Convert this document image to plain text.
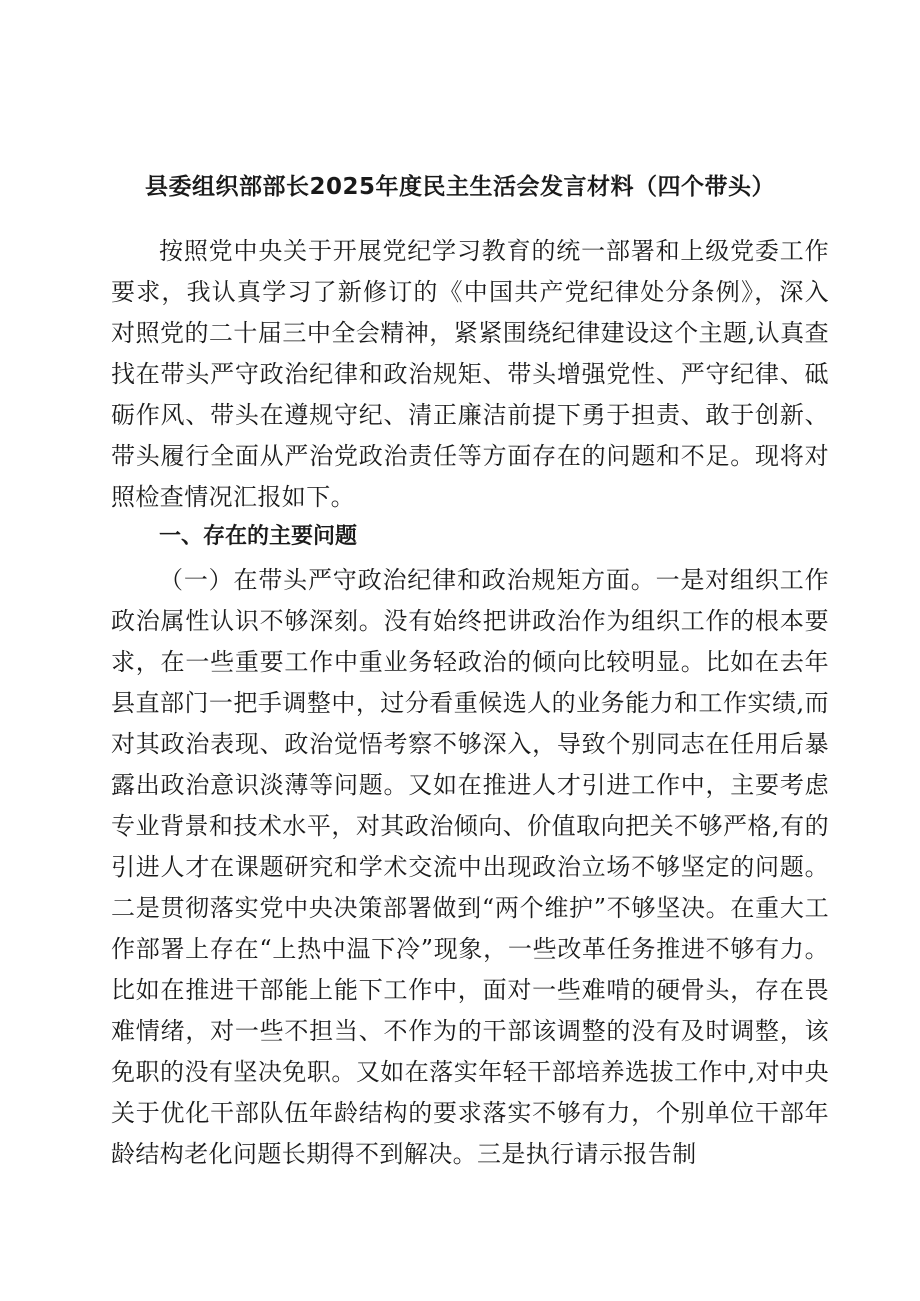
县委组织部部长2025年度民主生活会发言材料（四个带头）

按照党中央关于开展党纪学习教育的统一部署和上级党委工作要求，我认真学习了新修订的《中国共产党纪律处分条例》，深入对照党的二十届三中全会精神，紧紧围绕纪律建设这个主题,认真查找在带头严守政治纪律和政治规矩、带头增强党性、严守纪律、砥砺作风、带头在遵规守纪、清正廉洁前提下勇于担责、敢于创新、带头履行全面从严治党政治责任等方面存在的问题和不足。现将对照检查情况汇报如下。

一、存在的主要问题

（一）在带头严守政治纪律和政治规矩方面。一是对组织工作政治属性认识不够深刻。没有始终把讲政治作为组织工作的根本要求，在一些重要工作中重业务轻政治的倾向比较明显。比如在去年县直部门一把手调整中，过分看重候选人的业务能力和工作实绩,而对其政治表现、政治觉悟考察不够深入，导致个别同志在任用后暴露出政治意识淡薄等问题。又如在推进人才引进工作中，主要考虑专业背景和技术水平，对其政治倾向、价值取向把关不够严格,有的引进人才在课题研究和学术交流中出现政治立场不够坚定的问题。二是贯彻落实党中央决策部署做到“两个维护”不够坚决。在重大工作部署上存在“上热中温下冷”现象，一些改革任务推进不够有力。比如在推进干部能上能下工作中，面对一些难啃的硬骨头，存在畏难情绪，对一些不担当、不作为的干部该调整的没有及时调整，该免职的没有坚决免职。又如在落实年轻干部培养选拔工作中,对中央关于优化干部队伍年龄结构的要求落实不够有力，个别单位干部年龄结构老化问题长期得不到解决。三是执行请示报告制
